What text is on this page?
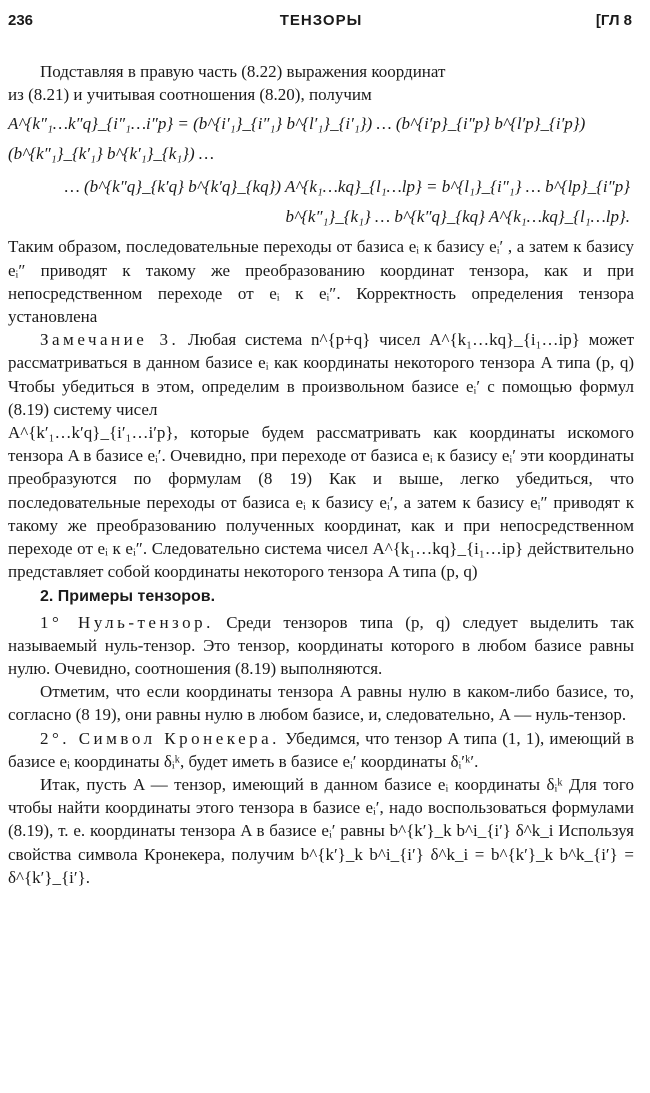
236	ТЕНЗОРЫ	[ГЛ 8

Подставляя в правую часть (8.22) выражения координат

из (8.21) и учитывая соотношения (8.20), получим

A^{k″₁…k″q}_{i″₁…i″p} = (b^{i′₁}_{i″₁} b^{l′₁}_{i′₁}) … (b^{i′p}_{i″p} b^{l′p}_{i′p}) (b^{k″₁}_{k′₁} b^{k′₁}_{k₁}) …
… (b^{k″q}_{k′q} b^{k′q}_{kq}) A^{k₁…kq}_{l₁…lp} = b^{l₁}_{i″₁} … b^{lp}_{i″p} b^{k″₁}_{k₁} … b^{k″q}_{kq} A^{k₁…kq}_{l₁…lp}.

Таким образом, последовательные переходы от базиса eᵢ к базису eᵢ′ , а затем к базису eᵢ″ приводят к такому же преобразованию координат тензора, как и при непосредственном переходе от eᵢ к eᵢ″. Корректность определения тензора установлена

Замечание 3. Любая система n^{p+q} чисел A^{k₁…kq}_{i₁…ip} может рассматриваться в данном базисе eᵢ как координаты некоторого тензора A типа (p, q) Чтобы убедиться в этом, определим в произвольном базисе eᵢ′ с помощью формул (8.19) систему чисел

A^{k′₁…k′q}_{i′₁…i′p}, которые будем рассматривать как координаты искомого тензора A в базисе eᵢ′. Очевидно, при переходе от базиса eᵢ к базису eᵢ′ эти координаты преобразуются по формулам (8 19) Как и выше, легко убедиться, что последовательные переходы от базиса eᵢ к базису eᵢ′, а затем к базису eᵢ″ приводят к такому же преобразованию полученных координат, как и при непосредственном переходе от eᵢ к eᵢ″. Следовательно система чисел A^{k₁…kq}_{i₁…ip} действительно представляет собой координаты некоторого тензора A типа (p, q)

2. Примеры тензоров.

1° Нуль-тензор. Среди тензоров типа (p, q) следует выделить так называемый нуль-тензор. Это тензор, координаты которого в любом базисе равны нулю. Очевидно, соотношения (8.19) выполняются.

Отметим, что если координаты тензора A равны нулю в каком-либо базисе, то, согласно (8 19), они равны нулю в любом базисе, и, следовательно, A — нуль-тензор.

2°. Символ Кронекера. Убедимся, что тензор A типа (1, 1), имеющий в базисе eᵢ координаты δᵢᵏ, будет иметь в базисе eᵢ′ координаты δᵢ′ᵏ′.

Итак, пусть A — тензор, имеющий в данном базисе eᵢ координаты δᵢᵏ Для того чтобы найти координаты этого тензора в базисе eᵢ′, надо воспользоваться формулами (8.19), т. е. координаты тензора A в базисе eᵢ′ равны b^{k′}_k b^i_{i′} δ^k_i Используя свойства символа Кронекера, получим b^{k′}_k b^i_{i′} δ^k_i = b^{k′}_k b^k_{i′} = δ^{k′}_{i′}.
